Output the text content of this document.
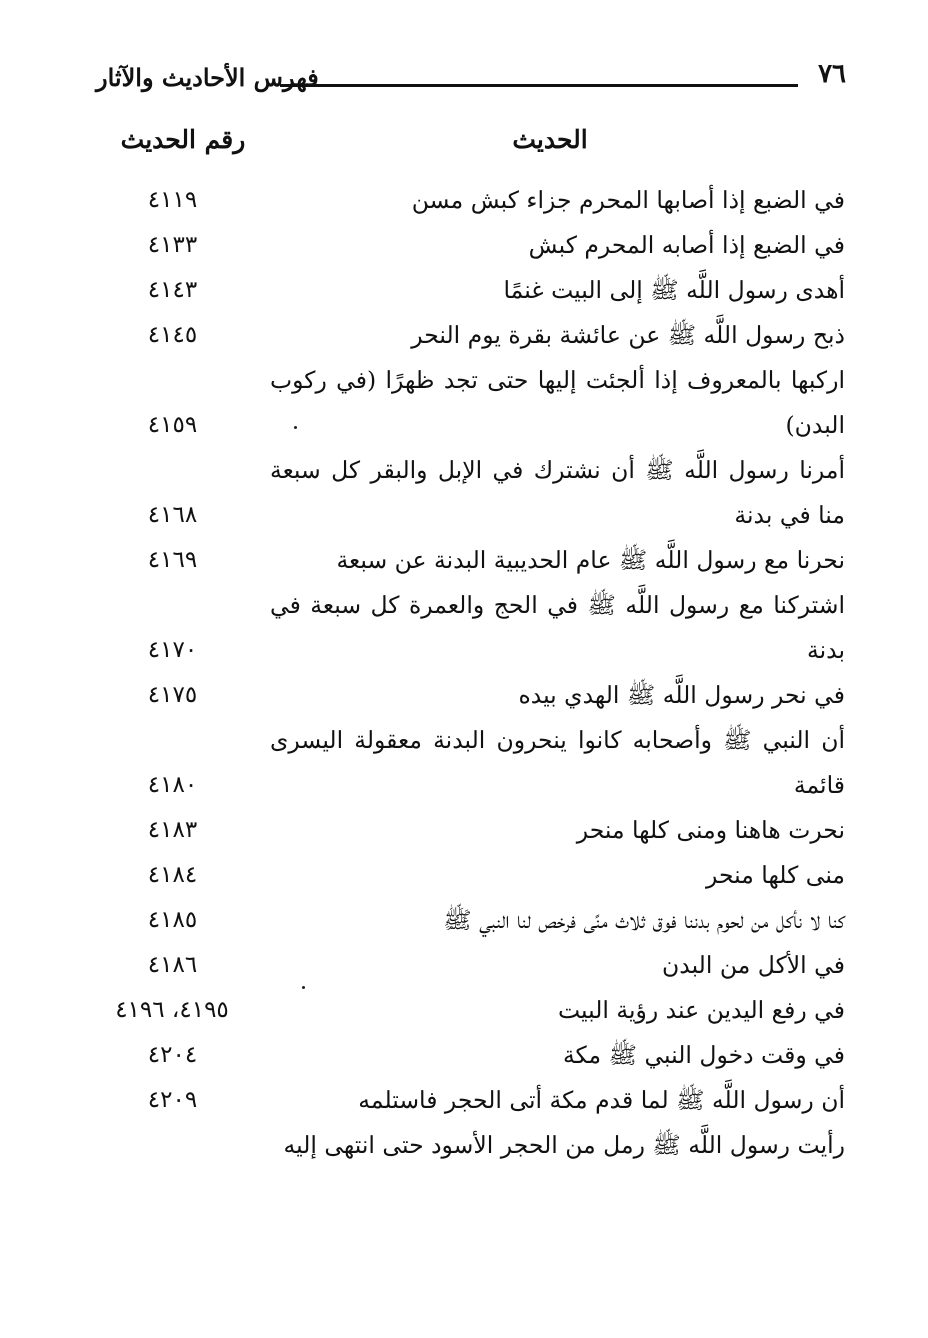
٧٦
فهرس الأحاديث والآثار
الحديث
رقم الحديث
في الضبع إذا أصابها المحرم جزاء كبش مسن
٤١١٩
في الضبع إذا أصابه المحرم كبش
٤١٣٣
أهدى رسول اللَّه ﷺ إلى البيت غنمًا
٤١٤٣
ذبح رسول اللَّه ﷺ عن عائشة بقرة يوم النحر
٤١٤٥
اركبها بالمعروف إذا ألجئت إليها حتى تجد ظهرًا (في ركوب البدن)
٤١٥٩
أمرنا رسول اللَّه ﷺ أن نشترك في الإبل والبقر كل سبعة منا في بدنة
٤١٦٨
نحرنا مع رسول اللَّه ﷺ عام الحديبية البدنة عن سبعة
٤١٦٩
اشتركنا مع رسول اللَّه ﷺ في الحج والعمرة كل سبعة في بدنة
٤١٧٠
في نحر رسول اللَّه ﷺ الهدي بيده
٤١٧٥
أن النبي ﷺ وأصحابه كانوا ينحرون البدنة معقولة اليسرى قائمة
٤١٨٠
نحرت هاهنا ومنى كلها منحر
٤١٨٣
منى كلها منحر
٤١٨٤
كنا لا نأكل من لحوم بدننا فوق ثلاث منًى فرخص لنا النبي ﷺ
٤١٨٥
في الأكل من البدن
٤١٨٦
في رفع اليدين عند رؤية البيت
٤١٩٥، ٤١٩٦
في وقت دخول النبي ﷺ مكة
٤٢٠٤
أن رسول اللَّه ﷺ لما قدم مكة أتى الحجر فاستلمه
٤٢٠٩
رأيت رسول اللَّه ﷺ رمل من الحجر الأسود حتى انتهى إليه
